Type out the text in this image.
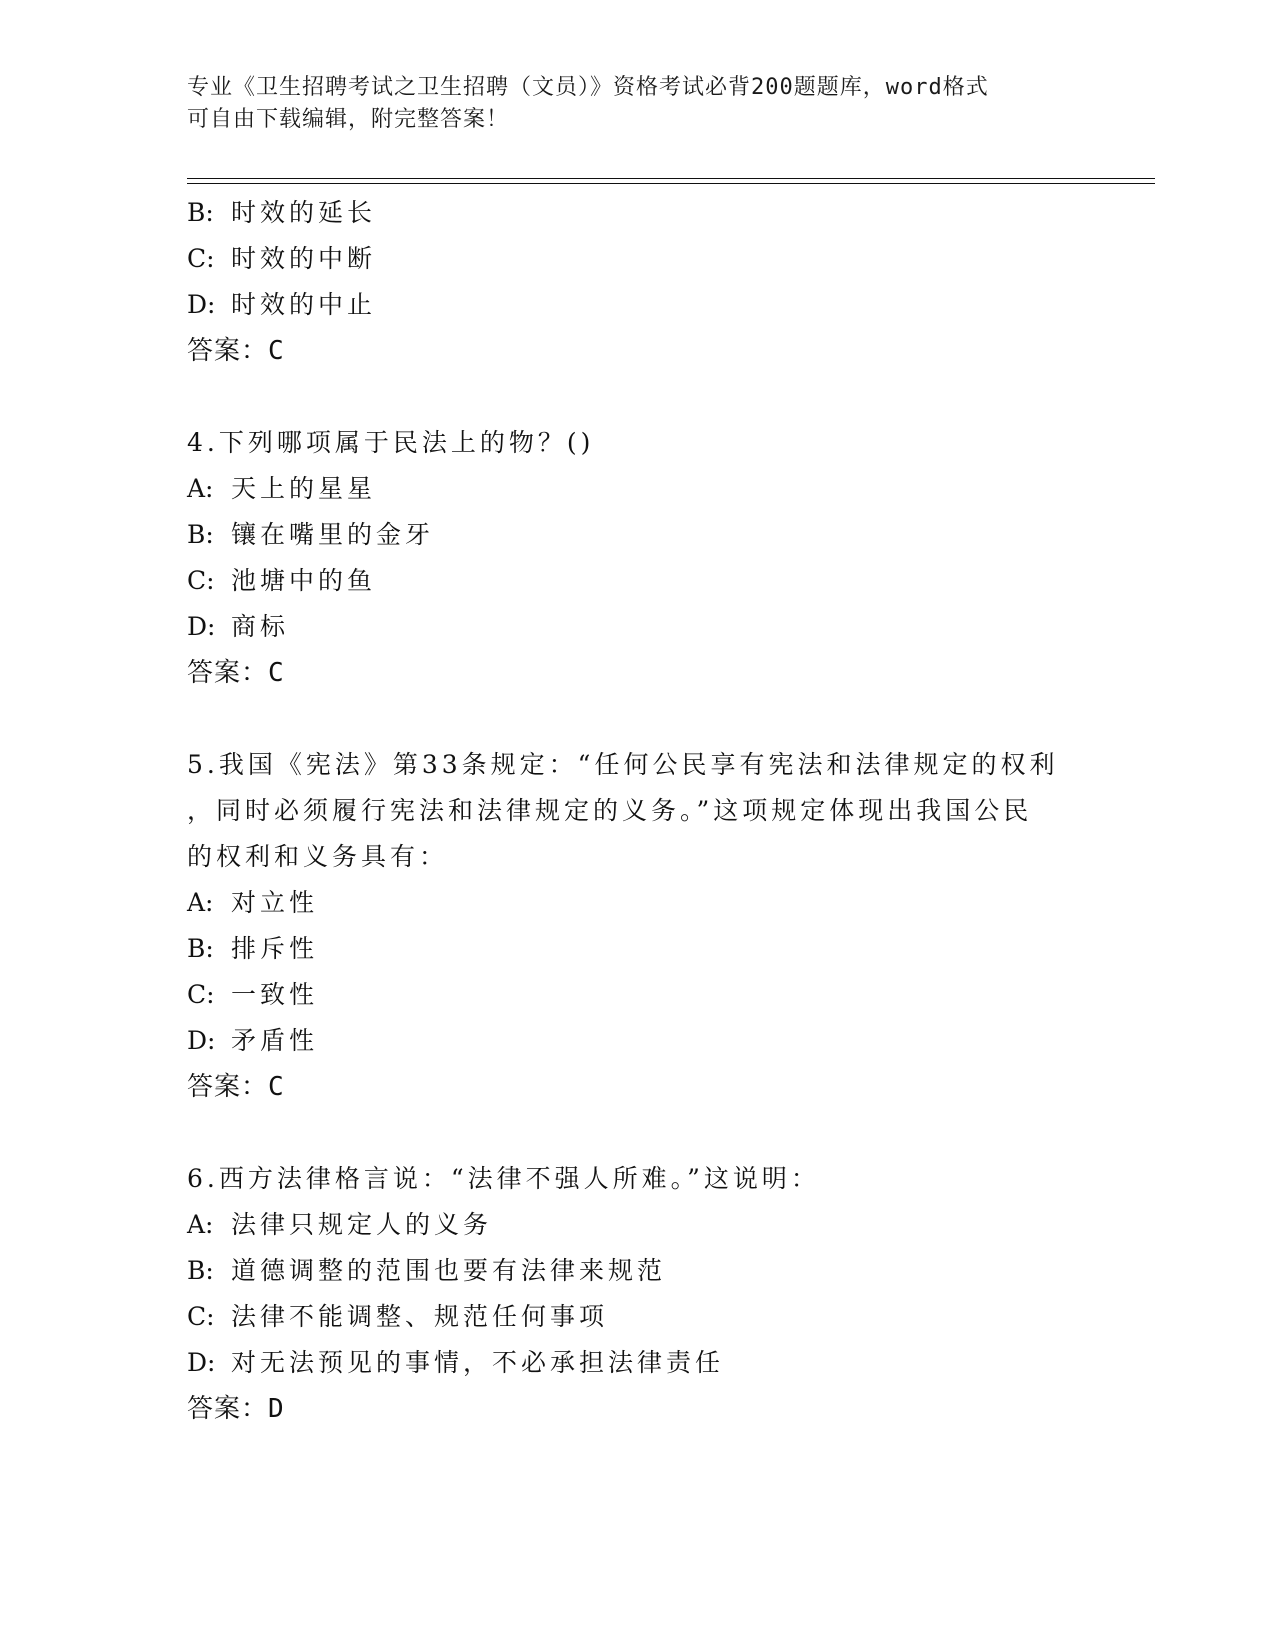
专业《卫生招聘考试之卫生招聘（文员）》资格考试必背200题题库，word格式
可自由下载编辑，附完整答案！
B: 时效的延长
C: 时效的中断
D: 时效的中止
答案：C
4.下列哪项属于民法上的物？()
A: 天上的星星
B: 镶在嘴里的金牙
C: 池塘中的鱼
D: 商标
答案：C
5.我国《宪法》第33条规定：“任何公民享有宪法和法律规定的权利
，同时必须履行宪法和法律规定的义务。”这项规定体现出我国公民
的权利和义务具有：
A: 对立性
B: 排斥性
C: 一致性
D: 矛盾性
答案：C
6.西方法律格言说：“法律不强人所难。”这说明：
A: 法律只规定人的义务
B: 道德调整的范围也要有法律来规范
C: 法律不能调整、规范任何事项
D: 对无法预见的事情，不必承担法律责任
答案：D
